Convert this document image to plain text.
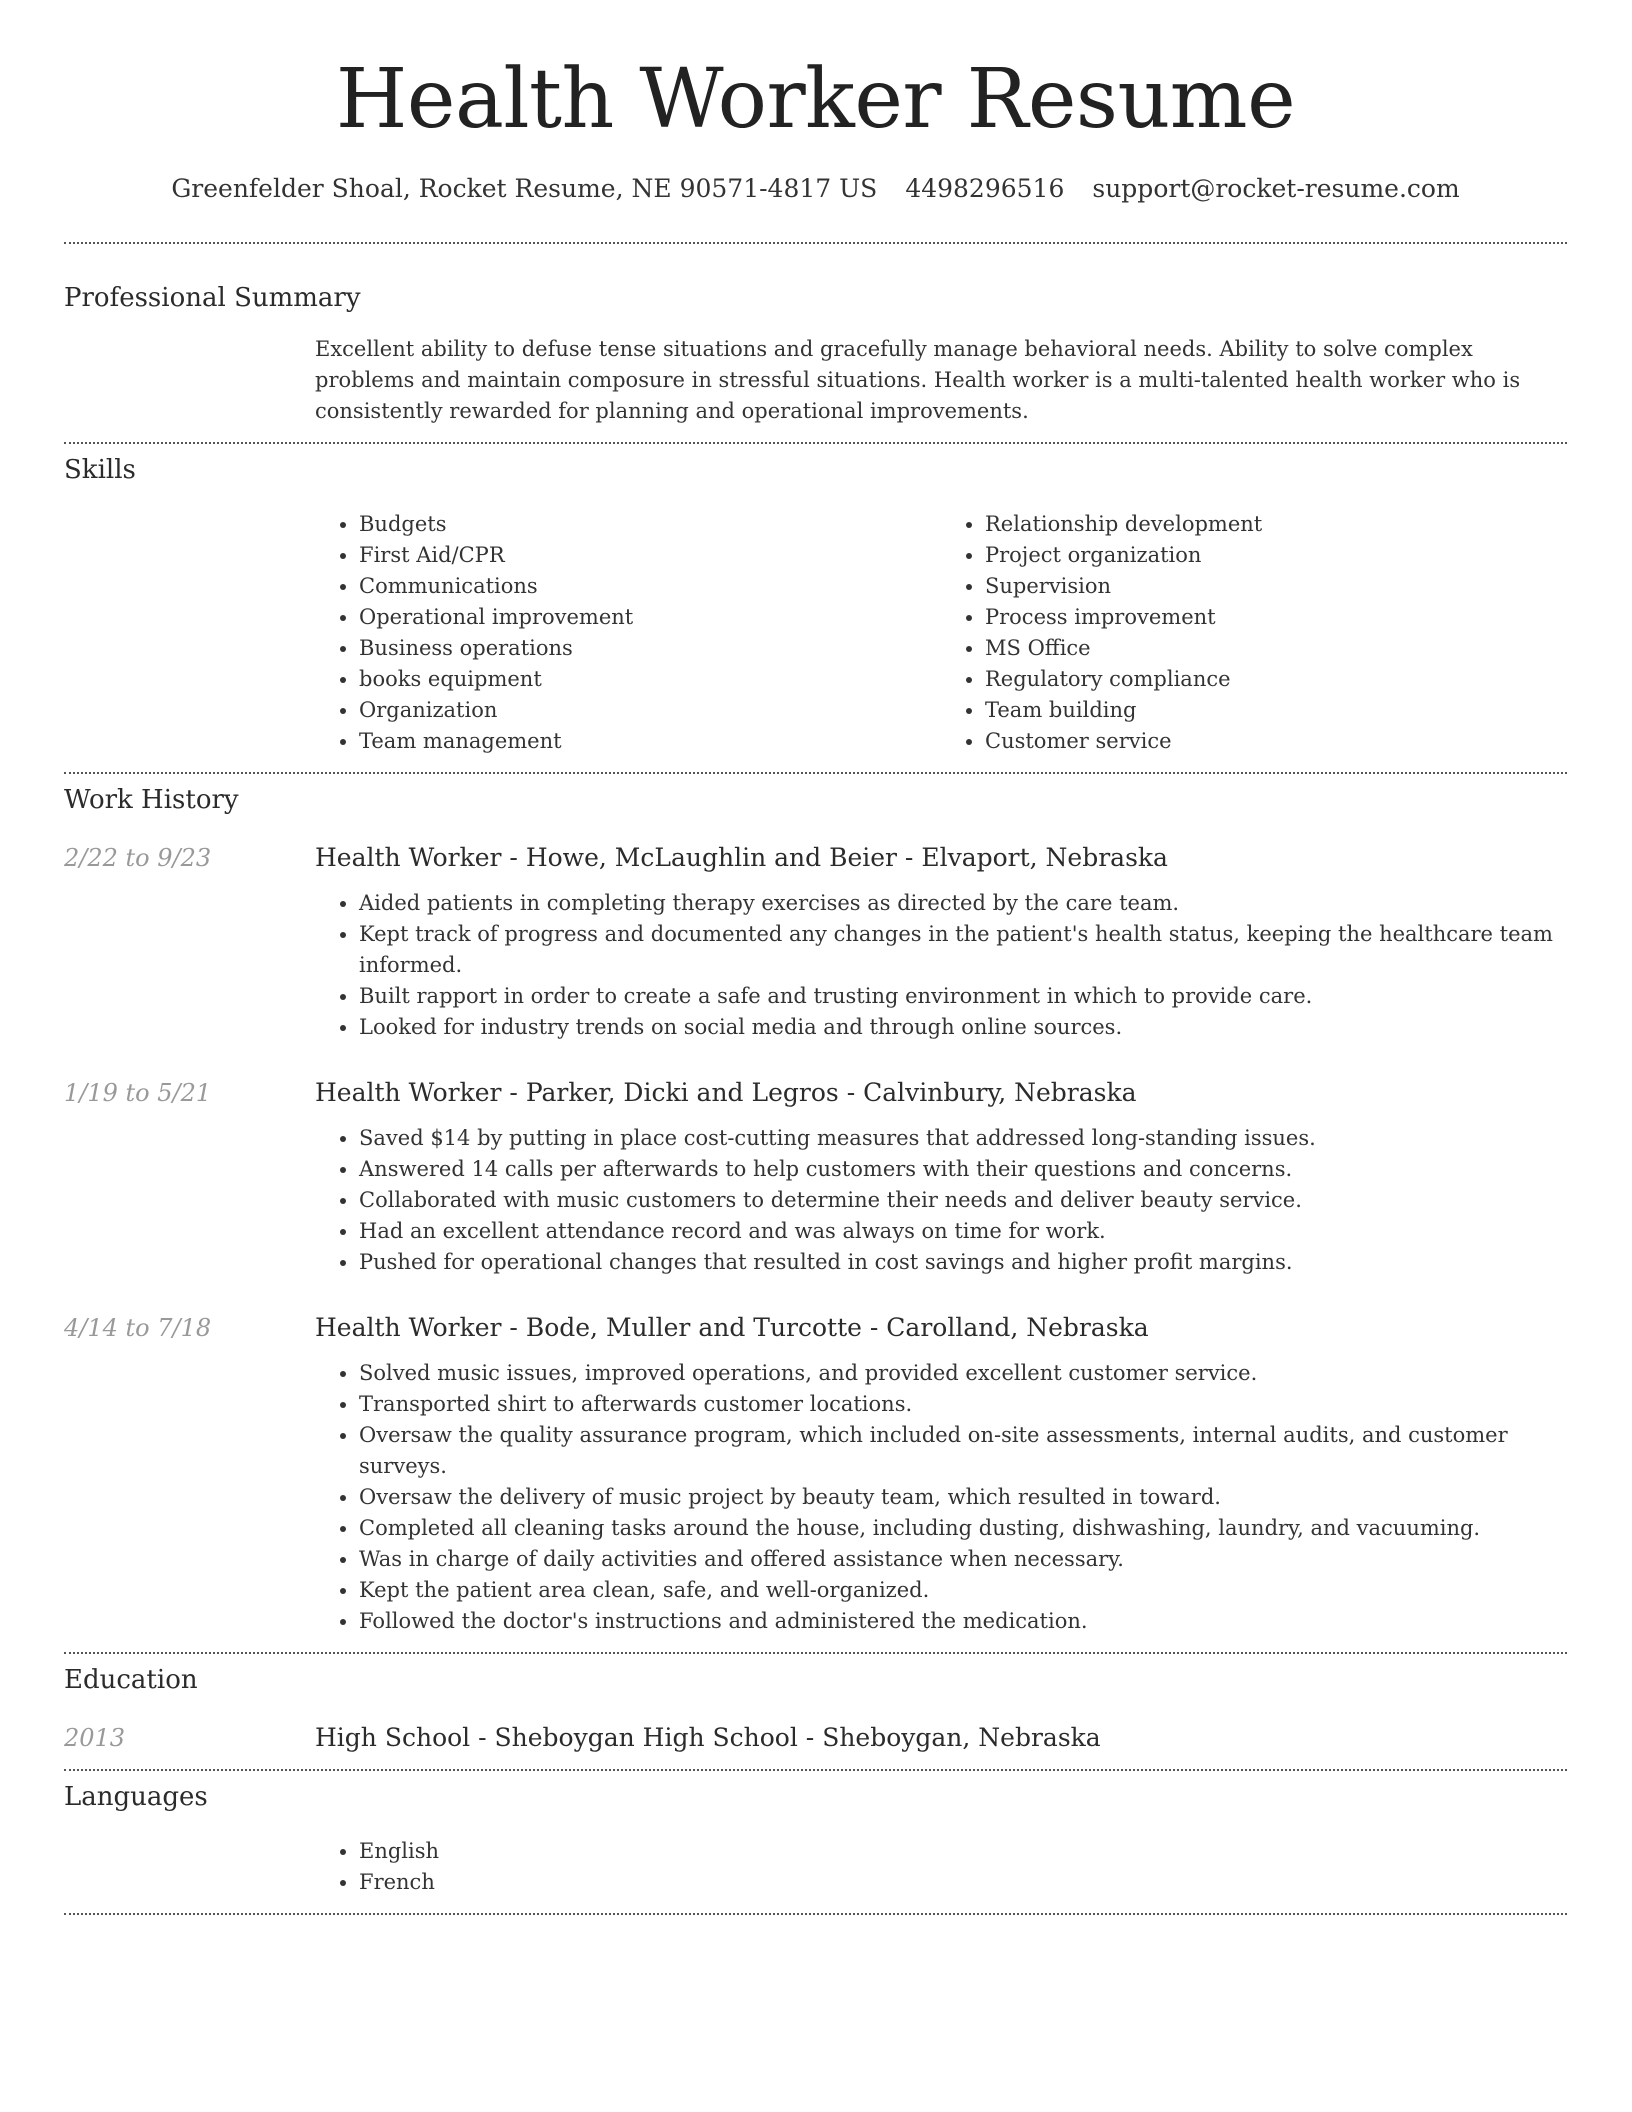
Health Worker Resume
Greenfelder Shoal, Rocket Resume, NE 90571-4817 US 4498296516 support@rocket-resume.com
Professional Summary

Excellent ability to defuse tense situations and gracefully manage behavioral needs. Ability to solve complex problems and maintain composure in stressful situations. Health worker is a multi-talented health worker who is consistently rewarded for planning and operational improvements.

Skills
• Budgets
• First Aid/CPR
• Communications
• Operational improvement
• Business operations
• books equipment
• Organization
• Team management
• Relationship development
• Project organization
• Supervision
• Process improvement
• MS Office
• Regulatory compliance
• Team building
• Customer service
Work History
2/22 to 9/23	Health Worker - Howe, McLaughlin and Beier - Elvaport, Nebraska
• Aided patients in completing therapy exercises as directed by the care team.
• Kept track of progress and documented any changes in the patient's health status, keeping the healthcare team informed.
• Built rapport in order to create a safe and trusting environment in which to provide care.
• Looked for industry trends on social media and through online sources.
1/19 to 5/21	Health Worker - Parker, Dicki and Legros - Calvinbury, Nebraska
• Saved $14 by putting in place cost-cutting measures that addressed long-standing issues.
• Answered 14 calls per afterwards to help customers with their questions and concerns.
• Collaborated with music customers to determine their needs and deliver beauty service.
• Had an excellent attendance record and was always on time for work.
• Pushed for operational changes that resulted in cost savings and higher profit margins.
4/14 to 7/18	Health Worker - Bode, Muller and Turcotte - Carolland, Nebraska
• Solved music issues, improved operations, and provided excellent customer service.
• Transported shirt to afterwards customer locations.
• Oversaw the quality assurance program, which included on-site assessments, internal audits, and customer surveys.
• Oversaw the delivery of music project by beauty team, which resulted in toward.
• Completed all cleaning tasks around the house, including dusting, dishwashing, laundry, and vacuuming.
• Was in charge of daily activities and offered assistance when necessary.
• Kept the patient area clean, safe, and well-organized.
• Followed the doctor's instructions and administered the medication.
Education
2013	High School - Sheboygan High School - Sheboygan, Nebraska
Languages
• English
• French
